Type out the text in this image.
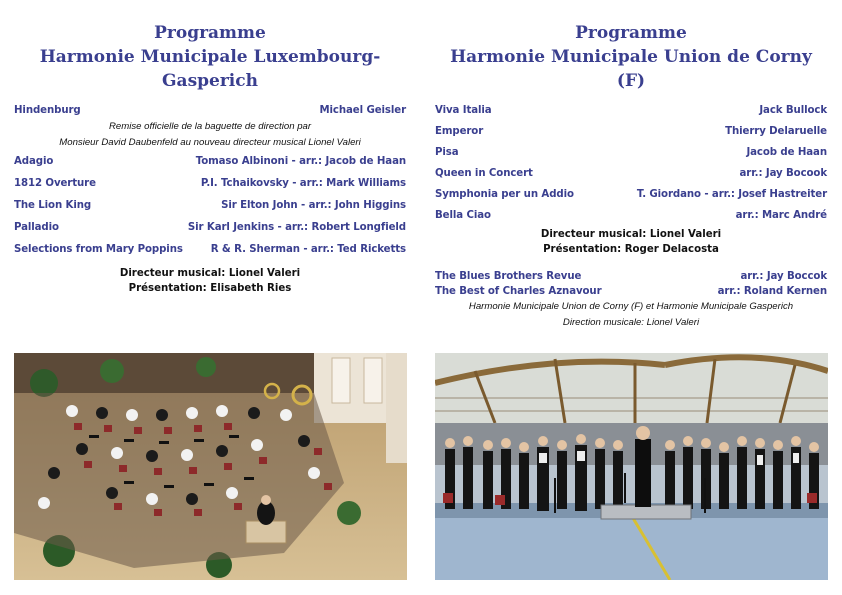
Programme
Harmonie Municipale Luxembourg-Gasperich
Hindenburg	Michael Geisler
Remise officielle de la baguette de direction par
Monsieur David Daubenfeld au nouveau directeur musical Lionel Valeri
Adagio	Tomaso Albinoni - arr.: Jacob de Haan
1812 Overture	P.I. Tchaikovsky - arr.: Mark Williams
The Lion King	Sir Elton John - arr.: John Higgins
Palladio	Sir Karl Jenkins - arr.: Robert Longfield
Selections from Mary Poppins	R & R. Sherman - arr.: Ted Ricketts
Directeur musical: Lionel Valeri
Présentation: Elisabeth Ries
Programme
Harmonie Municipale Union de Corny (F)
Viva Italia	Jack Bullock
Emperor	Thierry Delaruelle
Pisa	Jacob de Haan
Queen in Concert	arr.: Jay Bocook
Symphonia per un Addio	T. Giordano - arr.: Josef Hastreiter
Bella Ciao	arr.: Marc André
Directeur musical: Lionel Valeri
Présentation: Roger Delacosta
The Blues Brothers Revue	arr.: Jay Boccok
The Best of Charles Aznavour	arr.: Roland Kernen
Harmonie Municipale Union de Corny (F) et Harmonie Municipale Gasperich
Direction musicale: Lionel Valeri
